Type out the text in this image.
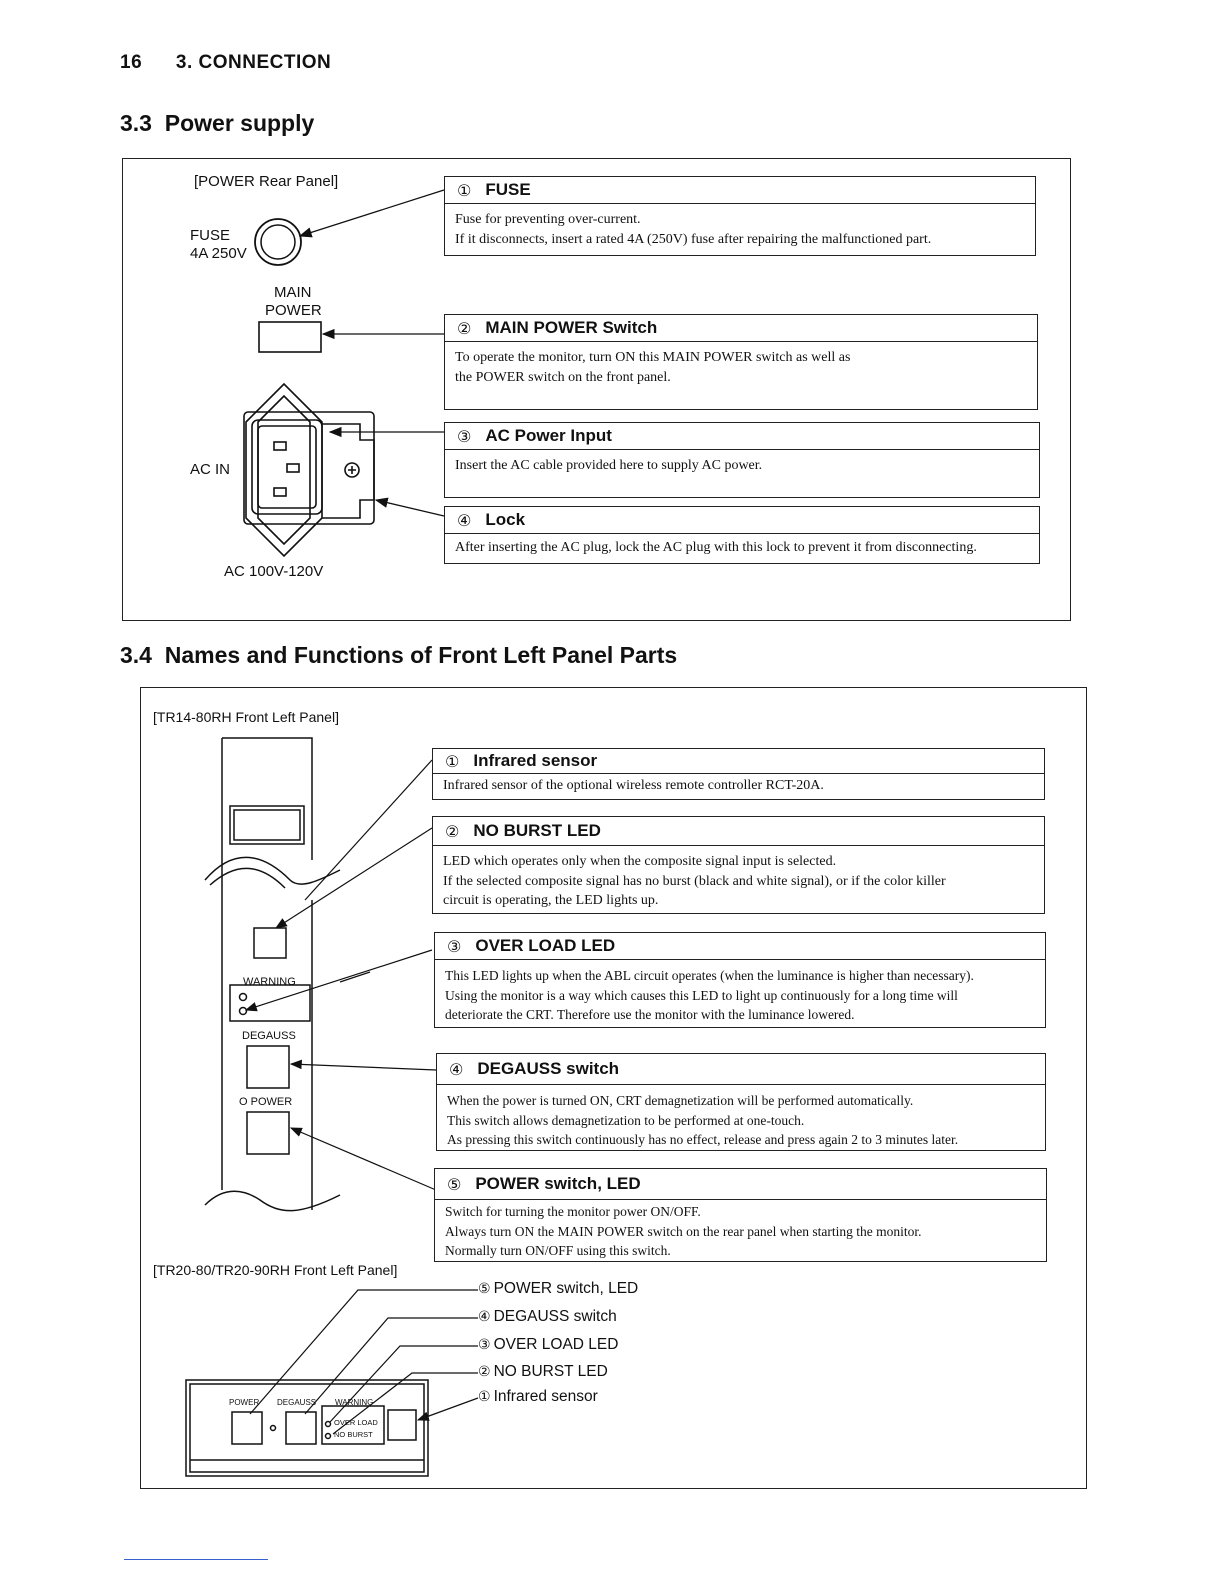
16 3. CONNECTION
3.3  Power supply
[POWER Rear Panel]
FUSE
4A 250V
MAIN
POWER
AC IN
AC 100V-120V
① FUSE
Fuse for preventing over-current.
If it disconnects, insert a rated 4A (250V) fuse after repairing the malfunctioned part.
② MAIN POWER Switch
To operate the monitor, turn ON this MAIN POWER switch as well as
the POWER switch on the front panel.
③ AC Power Input
Insert the AC cable provided here to supply AC power.
④ Lock
After inserting the AC plug, lock the AC plug with this lock to prevent it from disconnecting.
3.4  Names and Functions of Front Left Panel Parts
[TR14-80RH Front Left Panel]
WARNING
DEGAUSS
O POWER
① Infrared sensor
Infrared sensor of the optional wireless remote controller RCT-20A.
② NO BURST LED
LED which operates only when the composite signal input is selected.
If the selected composite signal has no burst (black and white signal), or if the color killer
circuit is operating, the LED lights up.
③ OVER LOAD LED
This LED lights up when the ABL circuit operates (when the luminance is higher than necessary).
Using the monitor is a way which causes this LED to light up continuously for a long time will
deteriorate the CRT. Therefore use the monitor with the luminance lowered.
④ DEGAUSS switch
When the power is turned ON, CRT demagnetization will be performed automatically.
This switch allows demagnetization to be performed at one-touch.
As pressing this switch continuously has no effect, release and press again 2 to 3 minutes later.
⑤ POWER switch, LED
Switch for turning the monitor power ON/OFF.
Always turn ON the MAIN POWER switch on the rear panel when starting the monitor.
Normally turn ON/OFF using this switch.
[TR20-80/TR20-90RH Front Left Panel]
POWER DEGAUSS WARNING
OVER LOAD
NO BURST
⑤ POWER switch, LED
④ DEGAUSS switch
③ OVER LOAD LED
② NO BURST LED
① Infrared sensor
